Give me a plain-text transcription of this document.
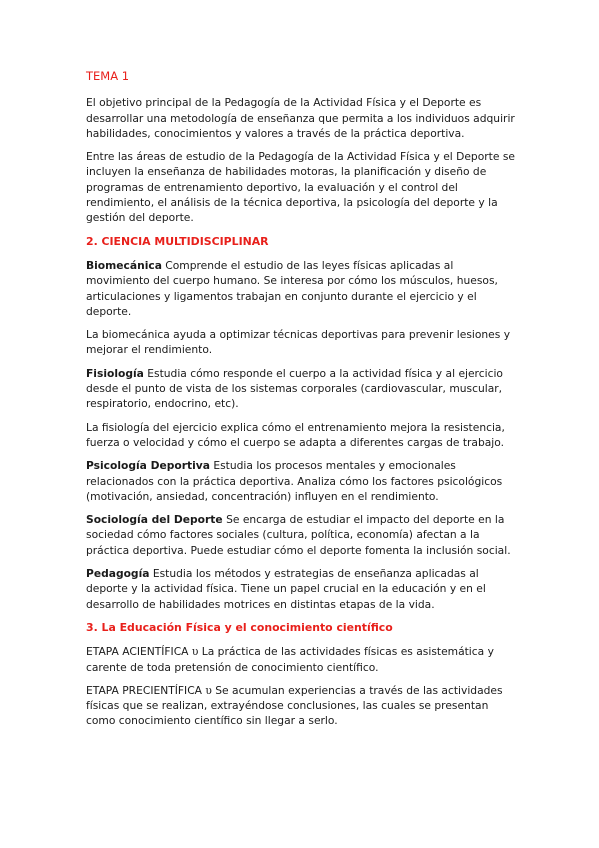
TEMA 1

El objetivo principal de la Pedagogía de la Actividad Física y el Deporte es desarrollar una metodología de enseñanza que permita a los individuos adquirir habilidades, conocimientos y valores a través de la práctica deportiva.

Entre las áreas de estudio de la Pedagogía de la Actividad Física y el Deporte se incluyen la enseñanza de habilidades motoras, la planificación y diseño de programas de entrenamiento deportivo, la evaluación y el control del rendimiento, el análisis de la técnica deportiva, la psicología del deporte y la gestión del deporte.

2. CIENCIA MULTIDISCIPLINAR

Biomecánica Comprende el estudio de las leyes físicas aplicadas al movimiento del cuerpo humano. Se interesa por cómo los músculos, huesos, articulaciones y ligamentos trabajan en conjunto durante el ejercicio y el deporte.

La biomecánica ayuda a optimizar técnicas deportivas para prevenir lesiones y mejorar el rendimiento.

Fisiología Estudia cómo responde el cuerpo a la actividad física y al ejercicio desde el punto de vista de los sistemas corporales (cardiovascular, muscular, respiratorio, endocrino, etc).

La fisiología del ejercicio explica cómo el entrenamiento mejora la resistencia, fuerza o velocidad y cómo el cuerpo se adapta a diferentes cargas de trabajo.

Psicología Deportiva Estudia los procesos mentales y emocionales relacionados con la práctica deportiva. Analiza cómo los factores psicológicos (motivación, ansiedad, concentración) influyen en el rendimiento.

Sociología del Deporte Se encarga de estudiar el impacto del deporte en la sociedad cómo factores sociales (cultura, política, economía) afectan a la práctica deportiva. Puede estudiar cómo el deporte fomenta la inclusión social.

Pedagogía Estudia los métodos y estrategias de enseñanza aplicadas al deporte y la actividad física. Tiene un papel crucial en la educación y en el desarrollo de habilidades motrices en distintas etapas de la vida.

3. La Educación Física y el conocimiento científico

ETAPA ACIENTÍFICA υ La práctica de las actividades físicas es asistemática y carente de toda pretensión de conocimiento científico.

ETAPA PRECIENTÍFICA υ Se acumulan experiencias a través de las actividades físicas que se realizan, extrayéndose conclusiones, las cuales se presentan como conocimiento científico sin llegar a serlo.
